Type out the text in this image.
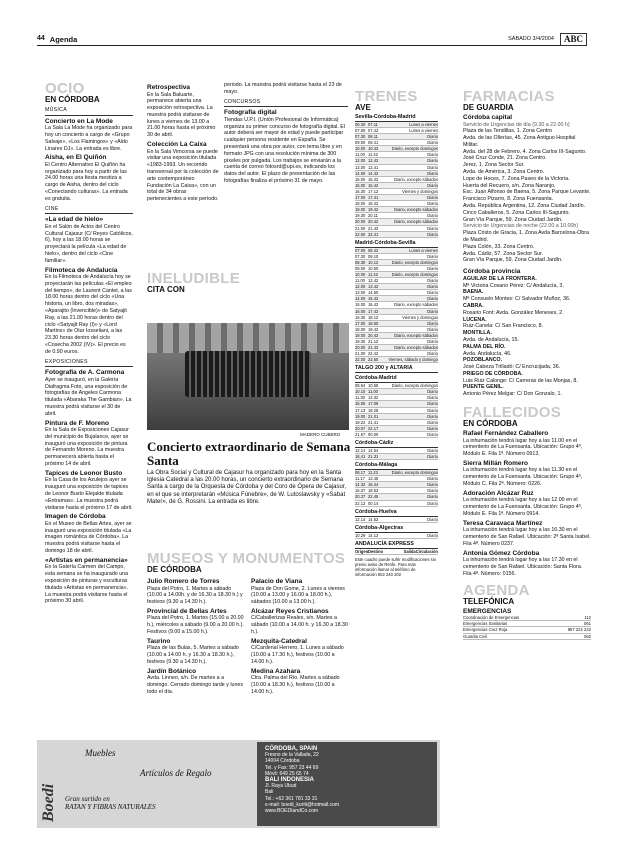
44 Agenda	SÁBADO 3/4/2004	ABC
OCIO
EN CÓRDOBA
MÚSICA
Concierto en La Mode
La Sala La Mode ha organizado para hoy un concierto a cargo de «Grupo Salvaje», «Los Flamingos» y «Aldo Linares DJ». La entrada es libre.
Aisha, en El Quiñón
El Centro Alternativo El Quiñón ha organizado para hoy a partir de las 24.00 horas una fiesta mestiza a cargo de Aisha, dentro del ciclo «Conectando culturas». La entrada es gratuita.
CINE
«La edad de hielo»
En el Salón de Actos del Centro Cultural Cajasur (C/ Reyes Católicos, 6), hoy a las 18.00 horas se proyectará la película «La edad de hielo», dentro del ciclo «Cine familiar».
Filmoteca de Andalucía
En la Filmoteca de Andalucía hoy se proyectarán las películas «El empleo del tiempo», de Laurent Cantet, a las 18.00 horas dentro del ciclo «Una historia, un libro, dos miradas», «Aparajito (Invencible)» de Satyajit Ray, a las 21.00 horas dentro del ciclo «Satyajit Ray (I)» y «Lord Martins» de Otar Iosseliani, a las 23.30 horas dentro del ciclo «Cosecha 2002 (IV)». El precio es de 0.90 euros.
EXPOSICIONES
Fotografía de A. Carmona
Ayer se inauguró, en la Galería Diafragma Foto, una exposición de fotografías de Angeles Carmona titulada «Abaraka The Gambian». La muestra podrá visitarse el 30 de abril.
Pintura de F. Moreno
En la Sala de Exposiciones Cajasur del municipio de Bujalance, ayer se inauguró una exposición de pintura de Fernando Moreno. La muestra permanecerá abierta hasta el próximo 14 de abril.
Tapices de Leonor Busto
En la Casa de los Azulejos ayer se inauguró una exposición de tapices de Leonor Busto Elejalde titulada «Entramas». La muestra podrá visitarse hasta el próximo 17 de abril.
Imagen de Córdoba
En el Museo de Bellas Artes, ayer se inauguró una exposición titulada «La imagen romántica de Córdoba». La muestra podrá visitarse hasta el domingo 18 de abril.
«Artistas en permanencia»
En la Galería Carmen del Campo, esta semana se ha inaugurado una exposición de pinturas y esculturas titulada «Artistas en permanencia». La muestra podrá visitarse hasta el próximo 30 abril.
Retrospectiva
En la Sala Baluarte, permanece abierta una exposición retrospectiva. La muestra podrá visitarse de lunes a viernes de 13.00 a 21.00 horas hasta el próximo 30 de abril.
Colección La Caixa
En la Sala Vimcorsa se puede visitar una exposición titulada «1983-1993. Un recorrido transversal por la colección de arte contemporáneo Fundación La Caixa», con un total de 34 obras pertenecientes a este período.
periodo. La muestra podrá visitarse hasta el 23 de mayo.
CONCURSOS
Fotografía digital
Tiendas U.P.I. (Unión Profesional de Informática) organiza su primer concurso de fotografía digital. El autor deberá ser mayor de edad y puede participar cualquier persona residente en España. Se presentará una obra por autor, con tema libre y en formato JPG con una resolución mínima de 300 píxeles por pulgada. Los trabajos se enviarán a la cuenta de correo fotosrd@upi.es, indicando los datos del autor. El plazo de presentación de las fotografías finaliza el próximo 31 de mayo.
INELUDIBLE
CITA CON
MADERO CUBERO
Concierto extraordinario de Semana Santa
La Obra Social y Cultural de Cajasur ha organizado para hoy en la Santa Iglesia Catedral a las 20.00 horas, un concierto extraordinario de Semana Santa a cargo de la Orquesta de Córdoba y del Coro de Ópera de Cajasur, en el que se interpretarán «Música Fúnebre», de W. Lutoslawsky y «Sabat Mater», de G. Rossini. La entrada es libre.
MUSEOS Y MONUMENTOS
DE CÓRDOBA
Julio Romero de Torres
Plaza del Potro, 1. Martes a sábado (10.00 a 14.00h. y de 16.30 a 18.30 h.) y festivos (9.30 a 14.30 h.).
Provincial de Bellas Artes
Plaza del Potro, 1. Martes (15.00 a 20.00 h.), miércoles a sábado (9.00 a 20.00 h.). Festivos (9.00 a 15.00 h.).
Taurino
Plaza de las Bulas, 5. Martes a sábado (10.00 a 14.00 h. y 16.30 a 18.30 h.), festivos (9.30 a 14.30 h.).
Jardín Botánico
Avda. Linneo, s/n. De martes a a domingo. Cerrado domingo tarde y lunes todo el día.
Palacio de Viana
Plaza de Don Gome, 2. Lunes a viernes (10.00 a 13.00 y 16.00 a 18.00 h.), sábados (10.00 a 13.00 h.).
Alcázar Reyes Cristianos
C/Caballerizas Reales, s/n. Martes a sábado (10.00 a 14.00 h. y 16.30 a 18.30 h.).
Mezquita-Catedral
C/Cardenal Herrero, 1. Lunes a sábado (10.00 a 17.30 h.), festivos (10.00 a 14.00 h.).
Medina Azahara
Ctra. Palma del Río. Martes a sábado (10.00 a 18.30 h.), festivos (10.00 a 14.00 h.).
TRENES
AVE
Sevilla-Córdoba-Madrid
06.30 07.11	Lunes a viernes
07.00 07.42	Lunes a viernes
07.30 08.11	Diario
09.00 09.41	Diario
10.00 10.42	Diario, excepto domingos
11.00 11.42	Diario
12.00 12.42	Diario
13.00 13.41	Diario
14.00 14.42	Diario
15.00 15.42	Diario, excepto sábados
16.00 16.42	Diario
16.30 17.12	Viernes y domingos
17.00 17.41	Diario
18.00 18.42	Diario
19.00 19.42	Diario, excepto sábados
19.30 20.11	Diario
20.00 20.42	Diario, excepto sábados
21.00 21.42	Diario
22.00 22.41	Diario
Madrid-Córdoba-Sevilla
07.00 08.42	Lunes a viernes
07.30 09.10	Diario
08.30 10.12	Diario, excepto domingos
09.00 10.50	Diario
10.00 11.42	Diario, excepto domingos
11.00 12.42	Diario
12.00 13.42	Diario
13.00 14.50	Diario
14.00 15.42	Diario
15.00 16.42	Diario, excepto sábados
16.00 17.42	Diario
16.30 18.12	Viernes y domingos
17.00 18.50	Diario
18.00 19.42	Diario
19.00 20.42	Diario, excepto sábados
19.30 21.12	Diario
20.00 21.42	Diario, excepto sábados
21.00 22.42	Diario
22.00 23.50	Viernes, sábado y domingo
TALGO 200 y ALTARIA
Córdoba-Madrid
08.54 10.58	Diario, excepto domingos
10.10 11.00	Diario
11.30 13.32	Diario
15.05 17.09	Diario
17.13 19.28	Diario
19.00 21.01	Diario
19.22 21.41	Diario
20.07 22.17	Diario
21.57 00.00	Diario
Córdoba-Cádiz
12.14 14.54	Diario
18.41 21.31	Diario
Córdoba-Málaga
08.17 11.23	Diario, excepto domingos
11.17 13.45	Diario
14.32 16.44	Diario
16.37 18.53	Diario
20.37 22.45	Diario
22.12 00.14	Diario
Córdoba-Huelva
12.14 14.52	Diario
Córdoba-Algeciras
10.29 14.12	Diario
ANDALUCÍA EXPRESS
Origen Destino	Salida Circulación
Este cuadro puede sufrir modificaciones sin previo aviso de Renfe. Para más información llamar al teléfono de información 902 240 202
FARMACIAS
DE GUARDIA
Córdoba capital
Servicio de Urgencias de día (9.30 a 22.00 h)
Plaza de las Tendillas, 1. Zona Centro
Avda. de las Ollerías, 45. Zona Antiguo Hospital Militar.
Avda. del 28 de Febrero, 4. Zona Carlos III-Sagunto.
José Cruz Conde, 21. Zona Centro.
Jerez, 1. Zona Sector Sur.
Avda. de América, 3. Zona Centro.
Lope de Hoces, 7. Zona Paseo de la Victoria.
Huerta del Recuero, s/n. Zona Naranjo.
Esc. Juan Alfonso de Baena, 5. Zona Parque Levante.
Francisco Pizarro, 8. Zona Fuensanta.
Avda. República Argentina, 12. Zona Ciudad Jardín.
Cinco Caballeros, 5. Zona Carlos III-Sagunto.
Gran Vía Parque, 59. Zona Ciudad Jardín.
Servicio de Urgencias de noche (22.00 a 10.00h)
Plaza Cristo de Gracia, 1. Zona Avda Barcelona-Obra de Madrid.
Plaza Colón, 33. Zona Centro.
Avda. Cádiz, 57. Zona Sector Sur.
Gran Vía Parque, 59. Zona Ciudad Jardín.
Córdoba provincia
AGUILAR DE LA FRONTERA.
Mª Victoria Cosano Pérez: C/ Andalucía, 3.
BAENA.
Mª Consuelo Montes: C/ Salvador Muñoz, 36.
CABRA.
Rosario Font: Avda. González Meneses, 2.
LUCENA.
Ruiz-Canela: C/ San Francisco, 8.
MONTILLA.
Avda. de Andalucía, 15.
PALMA DEL RÍO.
Avda. Andalucía, 46.
POZOBLANCO.
José Cabeza Trilladó: C/ Encrucijada, 36.
PRIEGO DE CÓRDOBA.
Luis Ruiz Calonge: C/ Carreras de las Monjas, 8.
PUENTE GENIL.
Antonio Pérez Melgar: C/ Don Gonzalo, 1.
FALLECIDOS
EN CÓRDOBA
Rafael Fernández Caballero
La inhumación tendrá lugar hoy a las 11.00 en el cementerio de La Fuensanta. Ubicación: Grupo 4º, Módulo E. Fila 1ª. Número 0913.
Sierra Millán Romero
La inhumación tendrá lugar hoy a las 11.30 en el cementerio de La Fuensanta. Ubicación: Grupo 4º, Módulo C. Fila 2ª. Número: 0226.
Adoración Alcázar Ruz
La inhumación tendrá lugar hoy a las 12.00 en el cementerio de La Fuensanta. Ubicación: Grupo 4º, Módulo E. Fila 1ª. Número 0914.
Teresa Caravaca Martínez
La inhumación tendrá lugar hoy a las 16.30 en el cementerio de San Rafael. Ubicación: 2ª Santa Isabel. Fila 4ª. Número 0237.
Antonia Gómez Córdoba
La inhumación tendrá lugar hoy a las 17.30 en el cementerio de San Rafael. Ubicación: Santa Flora. Fila 4ª. Número: 0156.
AGENDA
TELEFÓNICA
EMERGENCIAS
Coordinación de Emergencias	112
Emergencias Sanitarias	061
Emergencias Cruz Roja	957 222 222
Guardia Civil	062
Boedi
Muebles
Artículos de Regalo
Gran surtido en
RATAN Y FIBRAS NATURALES
CÓRDOBA, SPAIN
Fresno de la Vallada, 22
14004 Córdoba
Tel. y Fax: 957 23 44 69
Móvil: 649 25 65 74
BALI INDONESIA
Jl. Raya Ubud
Bali
Tel.: +62 361 781 33 31
e-mail: boedi_kuriti@hotmail.com
www.BOEDIandCo.com
